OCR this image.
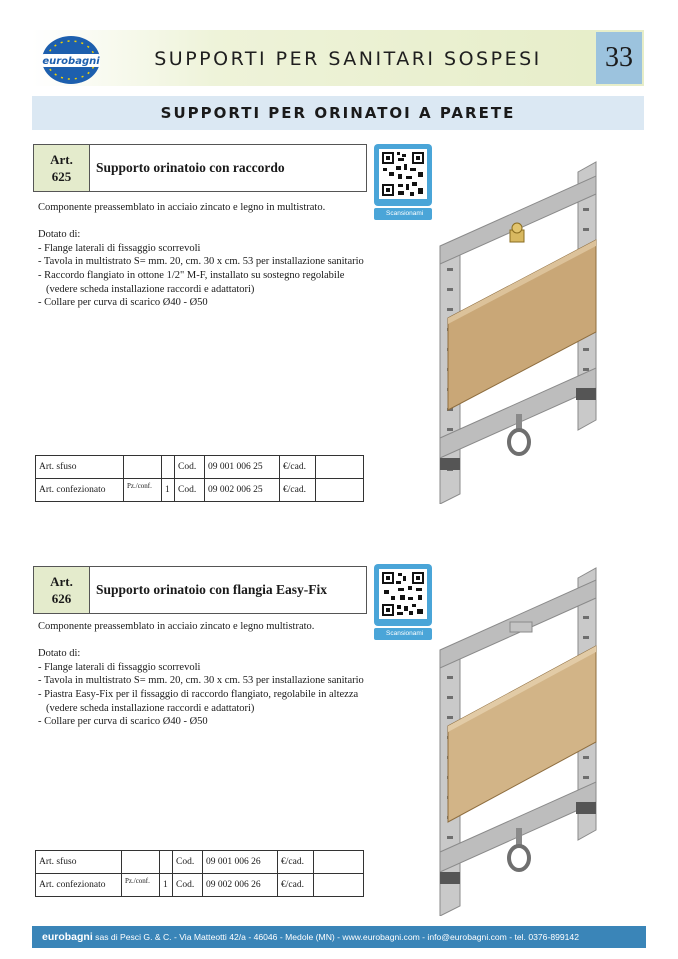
eurobagni	SUPPORTI PER SANITARI SOSPESI	33
SUPPORTI PER ORINATOI A PARETE
Art.
625
Supporto orinatoio con raccordo

Componente preassemblato in acciaio zincato e legno in multistrato.

Dotato di:

- Flange laterali di fissaggio scorrevoli

- Tavola in multistrato S= mm. 20, cm. 30 x cm. 53 per installazione sanitario

- Raccordo flangiato in ottone 1/2" M-F, installato su sostegno regolabile (vedere scheda installazione raccordi e adattatori)

- Collare per curva di scarico Ø40 - Ø50

Art. sfuso			Cod.	09 001 006 25	€/cad.	
Art. confezionato	Pz./conf.	1	Cod.	09 002 006 25	€/cad.	
Scansionami
Art.
626
Supporto orinatoio con flangia Easy-Fix

Componente preassemblato in acciaio zincato e legno multistrato.

Dotato di:

- Flange laterali di fissaggio scorrevoli

- Tavola in multistrato S= mm. 20, cm. 30 x cm. 53 per installazione sanitario

- Piastra Easy-Fix per il fissaggio di raccordo flangiato, regolabile in altezza (vedere scheda installazione raccordi e adattatori)

- Collare per curva di scarico Ø40 - Ø50

Art. sfuso			Cod.	09 001 006 26	€/cad.	
Art. confezionato	Pz./conf.	1	Cod.	09 002 006 26	€/cad.	
Scansionami
eurobagni sas di Pesci G. & C. - Via Matteotti 42/a - 46046 - Medole (MN) - www.eurobagni.com - info@eurobagni.com - tel. 0376-899142
